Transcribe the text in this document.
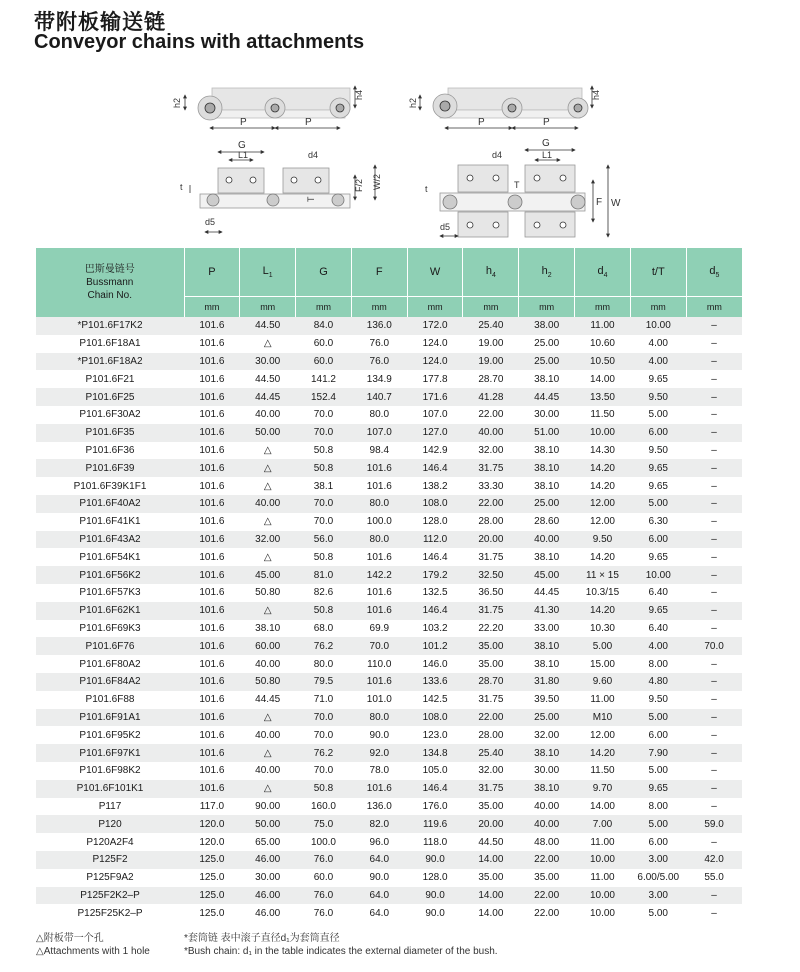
带附板输送链
Conveyor chains with attachments
h2
h4
P	P
h2
h4
P	P
G
L1	d4
d5
t
T
F/2 W/2
G
L1
d4
d5
t	T
F W
巴斯曼链号
Bussmann
Chain No.	P	$L_1$	G	F	W	$h_4$	$h_2$	$d_4$	t/T	$d_5$
	mm	mm	mm	mm	mm	mm	mm	mm	mm	mm
*P101.6F17K2	101.6	44.50	84.0	136.0	172.0	25.40	38.00	11.00	10.00	–
P101.6F18A1	101.6	△	60.0	76.0	124.0	19.00	25.00	10.60	4.00	–
*P101.6F18A2	101.6	30.00	60.0	76.0	124.0	19.00	25.00	10.50	4.00	–
P101.6F21	101.6	44.50	141.2	134.9	177.8	28.70	38.10	14.00	9.65	–
P101.6F25	101.6	44.45	152.4	140.7	171.6	41.28	44.45	13.50	9.50	–
P101.6F30A2	101.6	40.00	70.0	80.0	107.0	22.00	30.00	11.50	5.00	–
P101.6F35	101.6	50.00	70.0	107.0	127.0	40.00	51.00	10.00	6.00	–
P101.6F36	101.6	△	50.8	98.4	142.9	32.00	38.10	14.30	9.50	–
P101.6F39	101.6	△	50.8	101.6	146.4	31.75	38.10	14.20	9.65	–
P101.6F39K1F1	101.6	△	38.1	101.6	138.2	33.30	38.10	14.20	9.65	–
P101.6F40A2	101.6	40.00	70.0	80.0	108.0	22.00	25.00	12.00	5.00	–
P101.6F41K1	101.6	△	70.0	100.0	128.0	28.00	28.60	12.00	6.30	–
P101.6F43A2	101.6	32.00	56.0	80.0	112.0	20.00	40.00	9.50	6.00	–
P101.6F54K1	101.6	△	50.8	101.6	146.4	31.75	38.10	14.20	9.65	–
P101.6F56K2	101.6	45.00	81.0	142.2	179.2	32.50	45.00	11 × 15	10.00	–
P101.6F57K3	101.6	50.80	82.6	101.6	132.5	36.50	44.45	10.3/15	6.40	–
P101.6F62K1	101.6	△	50.8	101.6	146.4	31.75	41.30	14.20	9.65	–
P101.6F69K3	101.6	38.10	68.0	69.9	103.2	22.20	33.00	10.30	6.40	–
P101.6F76	101.6	60.00	76.2	70.0	101.2	35.00	38.10	5.00	4.00	70.0
P101.6F80A2	101.6	40.00	80.0	110.0	146.0	35.00	38.10	15.00	8.00	–
P101.6F84A2	101.6	50.80	79.5	101.6	133.6	28.70	31.80	9.60	4.80	–
P101.6F88	101.6	44.45	71.0	101.0	142.5	31.75	39.50	11.00	9.50	–
P101.6F91A1	101.6	△	70.0	80.0	108.0	22.00	25.00	M10	5.00	–
P101.6F95K2	101.6	40.00	70.0	90.0	123.0	28.00	32.00	12.00	6.00	–
P101.6F97K1	101.6	△	76.2	92.0	134.8	25.40	38.10	14.20	7.90	–
P101.6F98K2	101.6	40.00	70.0	78.0	105.0	32.00	30.00	11.50	5.00	–
P101.6F101K1	101.6	△	50.8	101.6	146.4	31.75	38.10	9.70	9.65	–
P117	117.0	90.00	160.0	136.0	176.0	35.00	40.00	14.00	8.00	–
P120	120.0	50.00	75.0	82.0	119.6	20.00	40.00	7.00	5.00	59.0
P120A2F4	120.0	65.00	100.0	96.0	118.0	44.50	48.00	11.00	6.00	–
P125F2	125.0	46.00	76.0	64.0	90.0	14.00	22.00	10.00	3.00	42.0
P125F9A2	125.0	30.00	60.0	90.0	128.0	35.00	35.00	11.00	6.00/5.00	55.0
P125F2K2–P	125.0	46.00	76.0	64.0	90.0	14.00	22.00	10.00	3.00	–
P125F25K2–P	125.0	46.00	76.0	64.0	90.0	14.00	22.00	10.00	5.00	–
△附板带一个孔
△Attachments with 1 hole
*套筒链 表中滚子直径d₁为套筒直径
*Bush chain: d₁ in the table indicates the external diameter of the bush.
